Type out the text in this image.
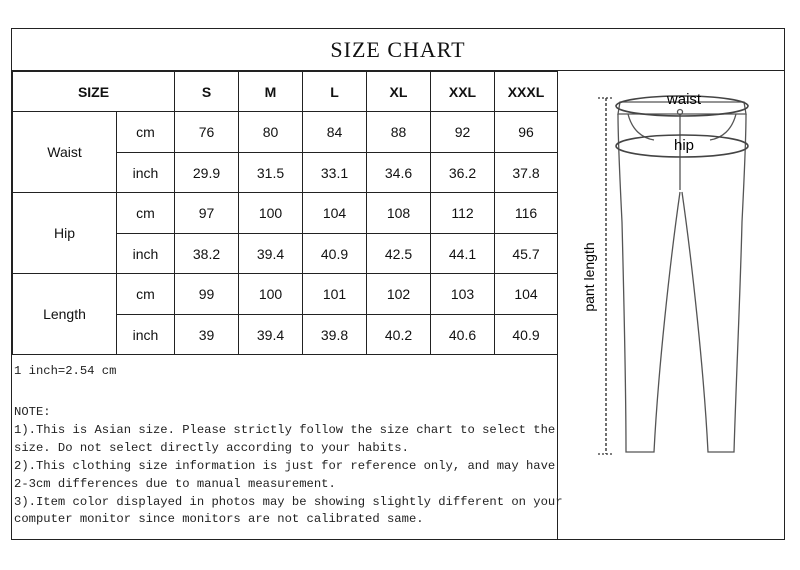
SIZE CHART
SIZE		S	M	L	XL	XXL	XXXL
Waist	cm	76	80	84	88	92	96
	inch	29.9	31.5	33.1	34.6	36.2	37.8
Hip	cm	97	100	104	108	112	116
	inch	38.2	39.4	40.9	42.5	44.1	45.7
Length	cm	99	100	101	102	103	104
	inch	39	39.4	39.8	40.2	40.6	40.9
pant length
waist
hip
1 inch=2.54 cm
NOTE:
1).This is Asian size. Please strictly follow the size chart to select the
size. Do not select directly according to your habits.
2).This clothing size information is just for reference only, and may have
2-3cm differences due to manual measurement.
3).Item color displayed in photos may be showing slightly different on your
computer monitor since monitors are not calibrated same.
